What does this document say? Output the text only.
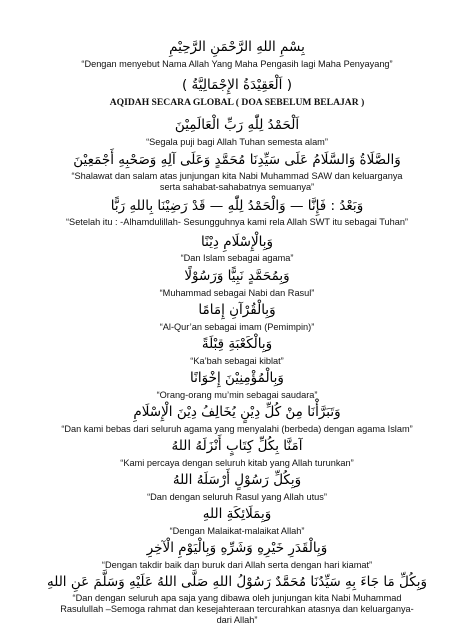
بِسْمِ اللهِ الرَّحْمَنِ الرَّحِيْمِ

“Dengan menyebut Nama Allah Yang Maha Pengasih lagi Maha Penyayang”

( اَلْعَقِيْدَةُ الإِجْمَالِيَّةُ )

AQIDAH SECARA GLOBAL ( DOA SEBELUM BELAJAR )

اَلْحَمْدُ لِلّٰهِ رَبِّ الْعَالَمِيْنَ

“Segala puji bagi Allah Tuhan semesta alam”

وَالصَّلَاةُ وَالسَّلَامُ عَلَى سَيِّدِنَا مُحَمَّدٍ وَعَلَى آلِهِ وَصَحْبِهِ أَجْمَعِيْنَ

“Shalawat dan salam atas junjungan kita Nabi Muhammad SAW dan keluarganya serta sahabat-sahabatnya semuanya”

وَبَعْدُ : فَإِنَّا — وَالْحَمْدُ لِلّٰهِ — قَدْ رَضِيْنَا بِاللهِ رَبًّا

“Setelah itu : -Alhamdulillah- Sesungguhnya kami rela Allah SWT itu sebagai Tuhan”

وَبِالْإِسْلَامِ دِيْنًا

“Dan Islam sebagai agama”

وَبِمُحَمَّدٍ نَبِيًّا وَرَسُوْلًا

“Muhammad sebagai Nabi dan Rasul”

وَبِالْقُرْآنِ إِمَامًا

“Al-Qur’an sebagai imam (Pemimpin)”

وَبِالْكَعْبَةِ قِبْلَةً

“Ka’bah sebagai kiblat”

وَبِالْمُؤْمِنِيْنَ إِخْوَانًا

“Orang-orang mu’min sebagai saudara”

وَتَبَرَّأْنَا مِنْ كُلِّ دِيْنٍ يُخَالِفُ دِيْنَ الْإِسْلَامِ

“Dan kami bebas dari seluruh agama yang menyalahi (berbeda) dengan agama Islam”

آمَنَّا بِكُلِّ كِتَابٍ أَنْزَلَهُ اللهُ

“Kami percaya dengan seluruh kitab yang Allah turunkan”

وَبِكُلِّ رَسُوْلٍ أَرْسَلَهُ اللهُ

“Dan dengan seluruh Rasul yang Allah utus”

وَبِمَلَائِكَةِ اللهِ

“Dengan Malaikat-malaikat Allah”

وَبِالْقَدَرِ خَيْرِهِ وَشَرِّهِ وَبِالْيَوْمِ الْآخِرِ

“Dengan takdir baik dan buruk dari Allah serta dengan hari kiamat”

وَبِكُلِّ مَا جَاءَ بِهِ سَيِّدُنَا مُحَمَّدٌ رَسُوْلُ اللهِ صَلَّى اللهُ عَلَيْهِ وَسَلَّمَ عَنِ اللهِ

“Dan dengan seluruh apa saja yang dibawa oleh junjungan kita Nabi Muhammad Rasulullah –Semoga rahmat dan kesejahteraan tercurahkan atasnya dan keluarganya-dari Allah”
